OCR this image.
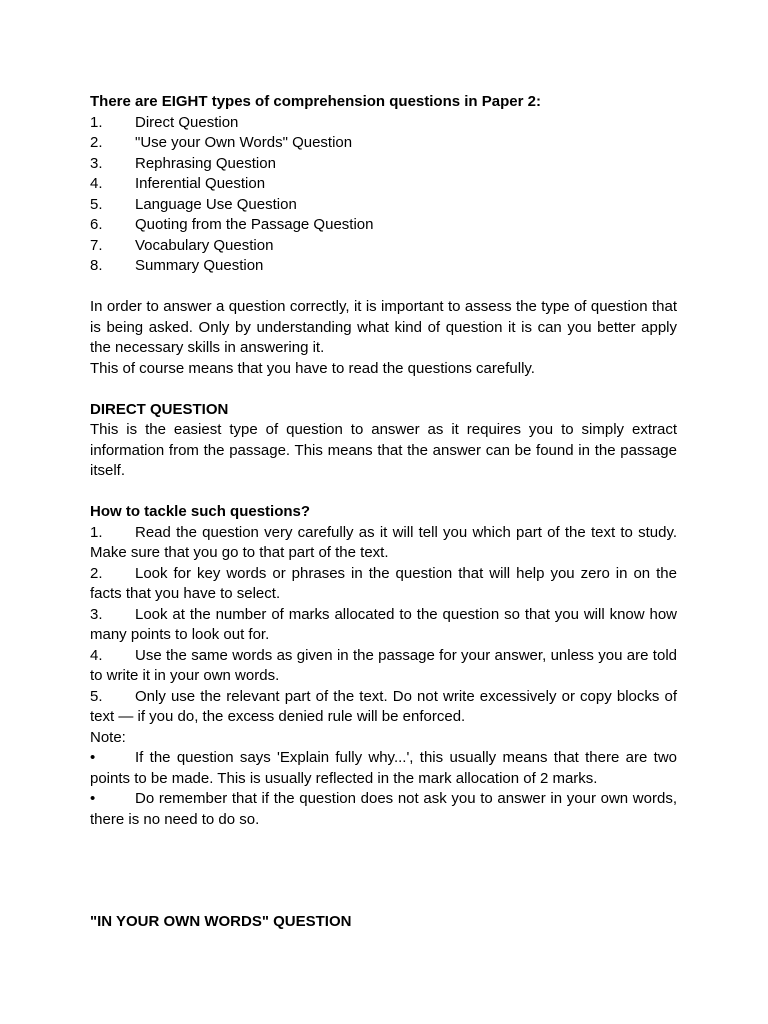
There are EIGHT types of comprehension questions in Paper 2:
1.	Direct Question
2.	"Use your Own Words" Question
3.	Rephrasing Question
4.	Inferential Question
5.	Language Use Question
6.	Quoting from the Passage Question
7.	Vocabulary Question
8.	Summary Question
In order to answer a question correctly, it is important to assess the type of question that is being asked. Only by understanding what kind of question it is can you better apply the necessary skills in answering it.
This of course means that you have to read the questions carefully.
DIRECT QUESTION
This is the easiest type of question to answer as it requires you to simply extract information from the passage. This means that the answer can be found in the passage itself.
How to tackle such questions?
1. Read the question very carefully as it will tell you which part of the text to study. Make sure that you go to that part of the text.
2. Look for key words or phrases in the question that will help you zero in on the facts that you have to select.
3. Look at the number of marks allocated to the question so that you will know how many points to look out for.
4. Use the same words as given in the passage for your answer, unless you are told to write it in your own words.
5. Only use the relevant part of the text. Do not write excessively or copy blocks of text — if you do, the excess denied rule will be enforced.
Note:
•	If the question says 'Explain fully why...', this usually means that there are two points to be made. This is usually reflected in the mark allocation of 2 marks.
•	Do remember that if the question does not ask you to answer in your own words, there is no need to do so.
"IN YOUR OWN WORDS" QUESTION
